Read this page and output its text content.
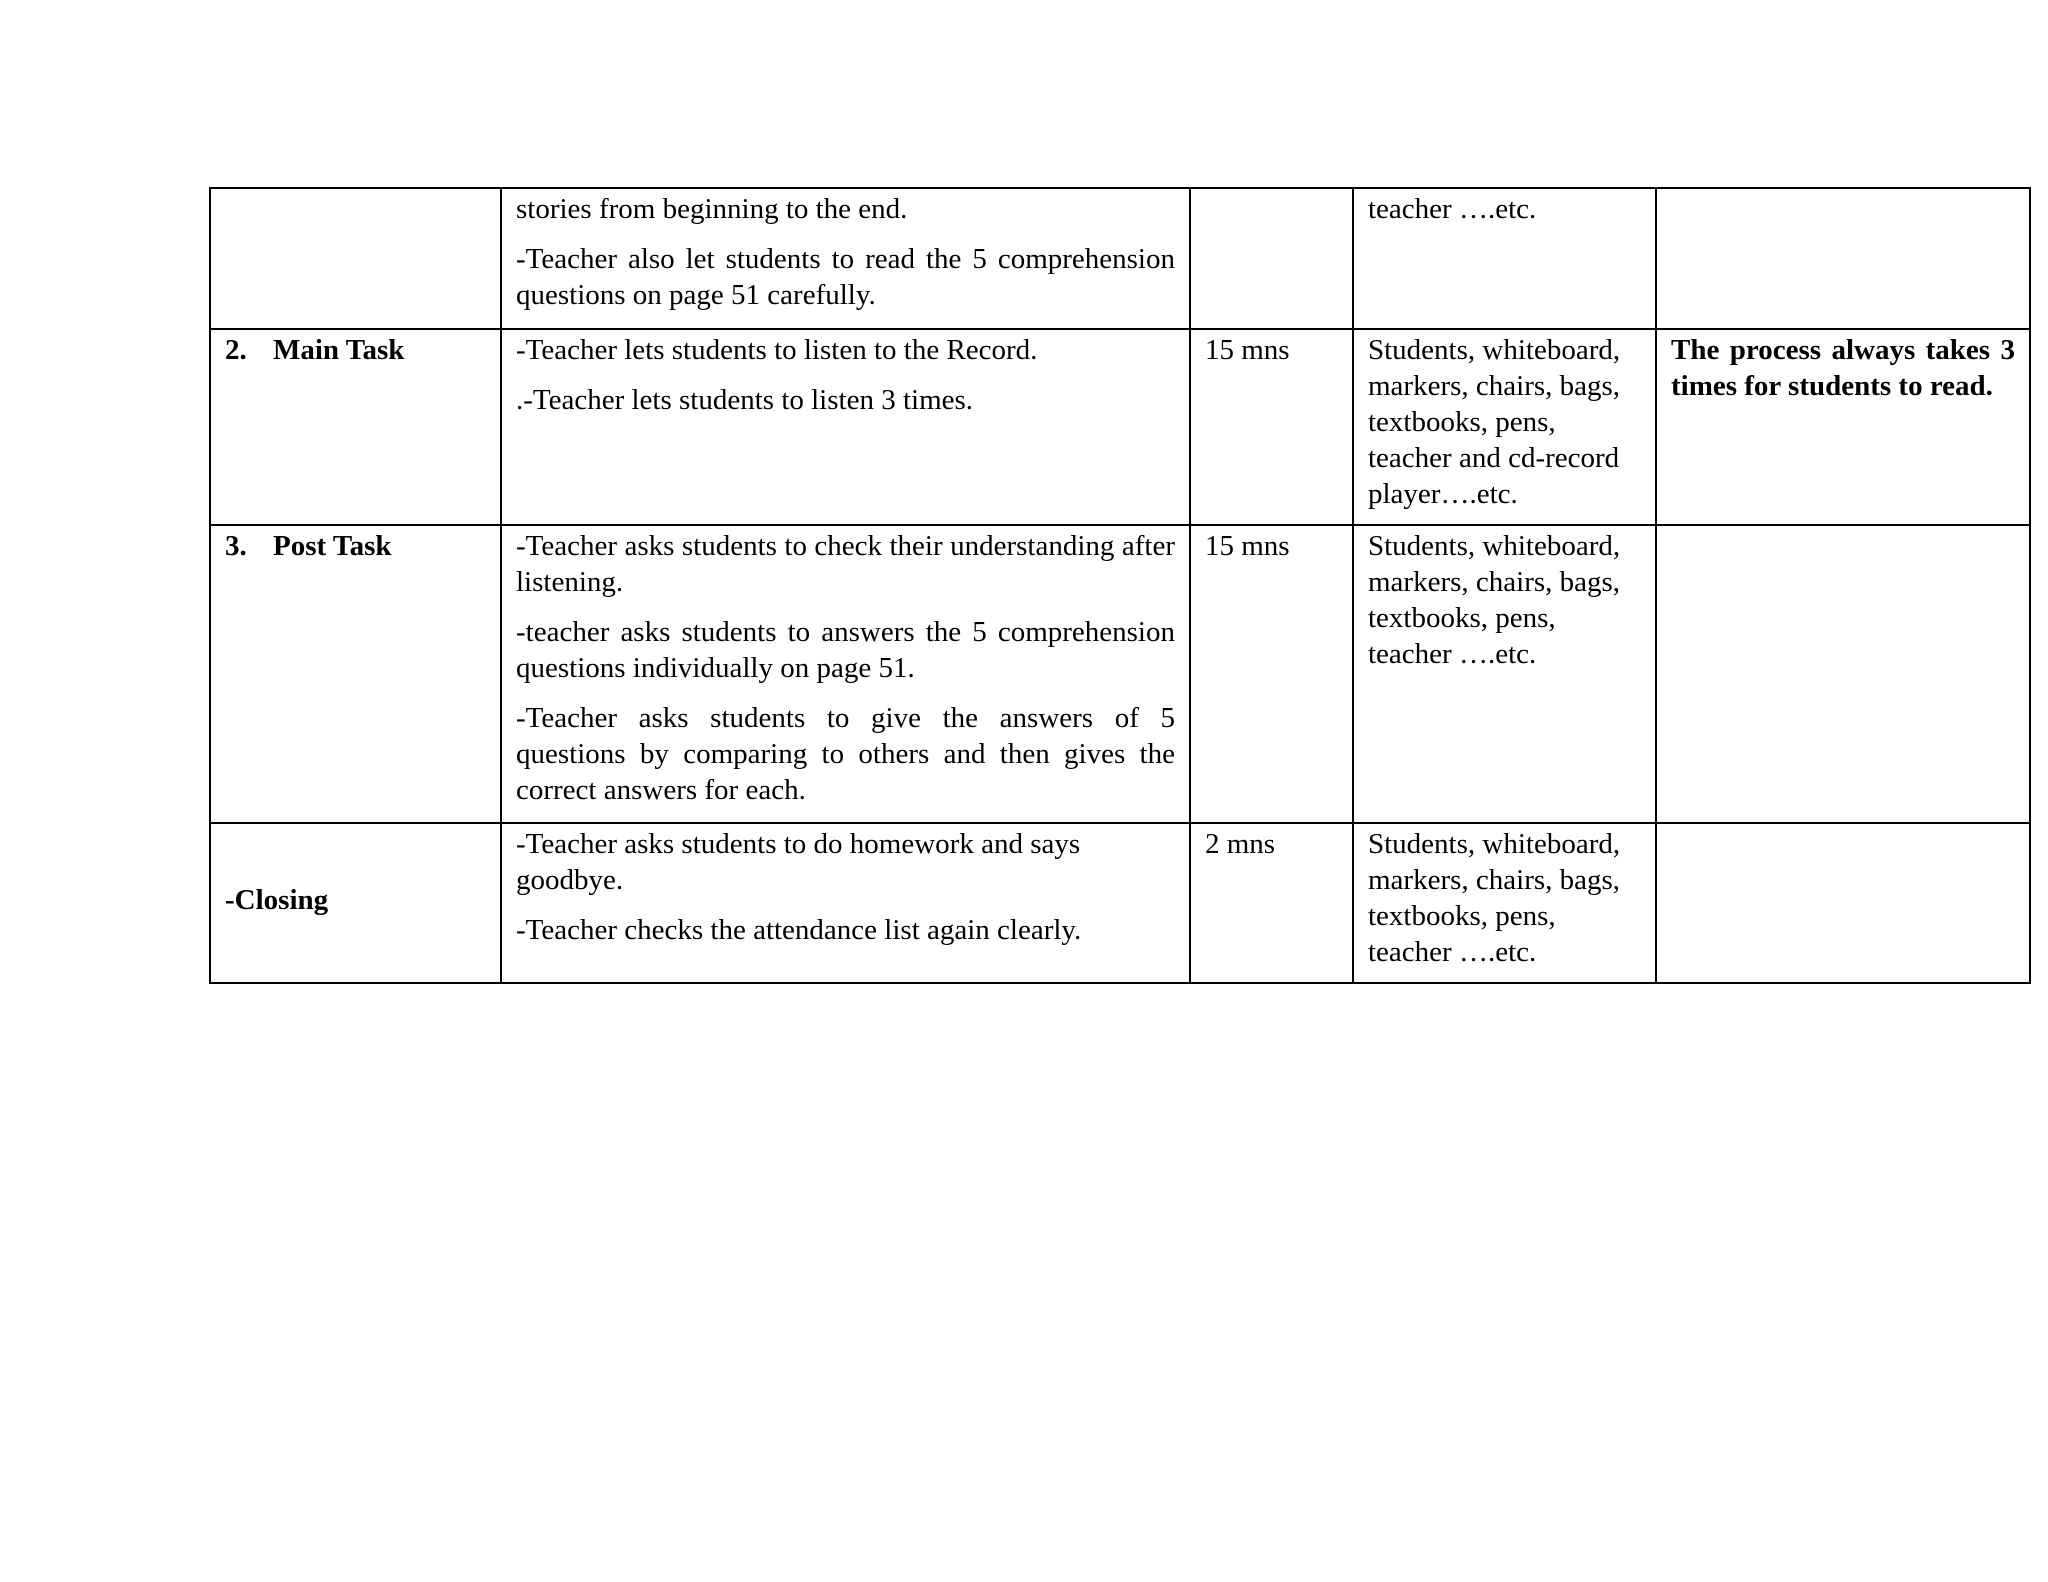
	stories from beginning to the end.

-Teacher also let students to read the 5 comprehension questions on page 51 carefully.		teacher ….etc.	
2. Main Task	-Teacher lets students to listen to the Record.

.-Teacher lets students to listen 3 times.	15 mns	Students, whiteboard, markers, chairs, bags, textbooks, pens, teacher and cd-record player….etc.	The process always takes 3 times for students to read.
3. Post Task	-Teacher asks students to check their understanding after listening.

-teacher asks students to answers the 5 comprehension questions individually on page 51.

-Teacher asks students to give the answers of 5 questions by comparing to others and then gives the correct answers for each.	15 mns	Students, whiteboard, markers, chairs, bags, textbooks, pens, teacher ….etc.	
-Closing	-Teacher asks students to do homework and says goodbye.

-Teacher checks the attendance list again clearly.	2 mns	Students, whiteboard, markers, chairs, bags, textbooks, pens, teacher ….etc.	
